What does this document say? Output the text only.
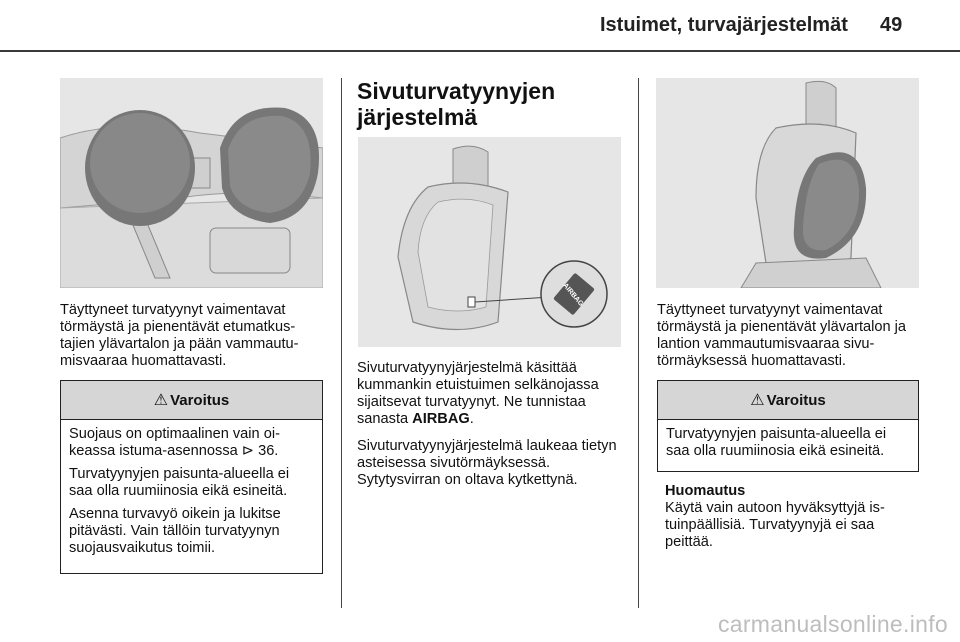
Istuimet, turvajärjestelmät 49

Täyttyneet turvatyynyt vaimentavat törmäystä ja pienentävät etumatkustajien ylävartalon ja pään vammautumisvaaraa huomattavasti.

⚠ Varoitus

Suojaus on optimaalinen vain oikeassa istuma-asennossa ⊳ 36.

Turvatyynyjen paisunta-alueella ei saa olla ruumiinosia eikä esineitä.

Asenna turvavyö oikein ja lukitse pitävästi. Vain tällöin turvatyynyn suojausvaikutus toimii.

Sivuturvatyynyjen järjestelmä
AIRBAG

Sivuturvatyynyjärjestelmä käsittää kummankin etuistuimen selkänojassa sijaitsevat turvatyynyt. Ne tunnistaa sanasta AIRBAG.

Sivuturvatyynyjärjestelmä laukeaa tietyn asteisessa sivutörmäyksessä. Sytytysvirran on oltava kytkettynä.

Täyttyneet turvatyynyt vaimentavat törmäystä ja pienentävät ylävartalon ja lantion vammautumisvaaraa sivutörmäyksessä huomattavasti.

⚠ Varoitus

Turvatyynyjen paisunta-alueella ei saa olla ruumiinosia eikä esineitä.

Huomautus

Käytä vain autoon hyväksyttyjä istuinpäällisiä. Turvatyynyjä ei saa peittää.

carmanualsonline.info
